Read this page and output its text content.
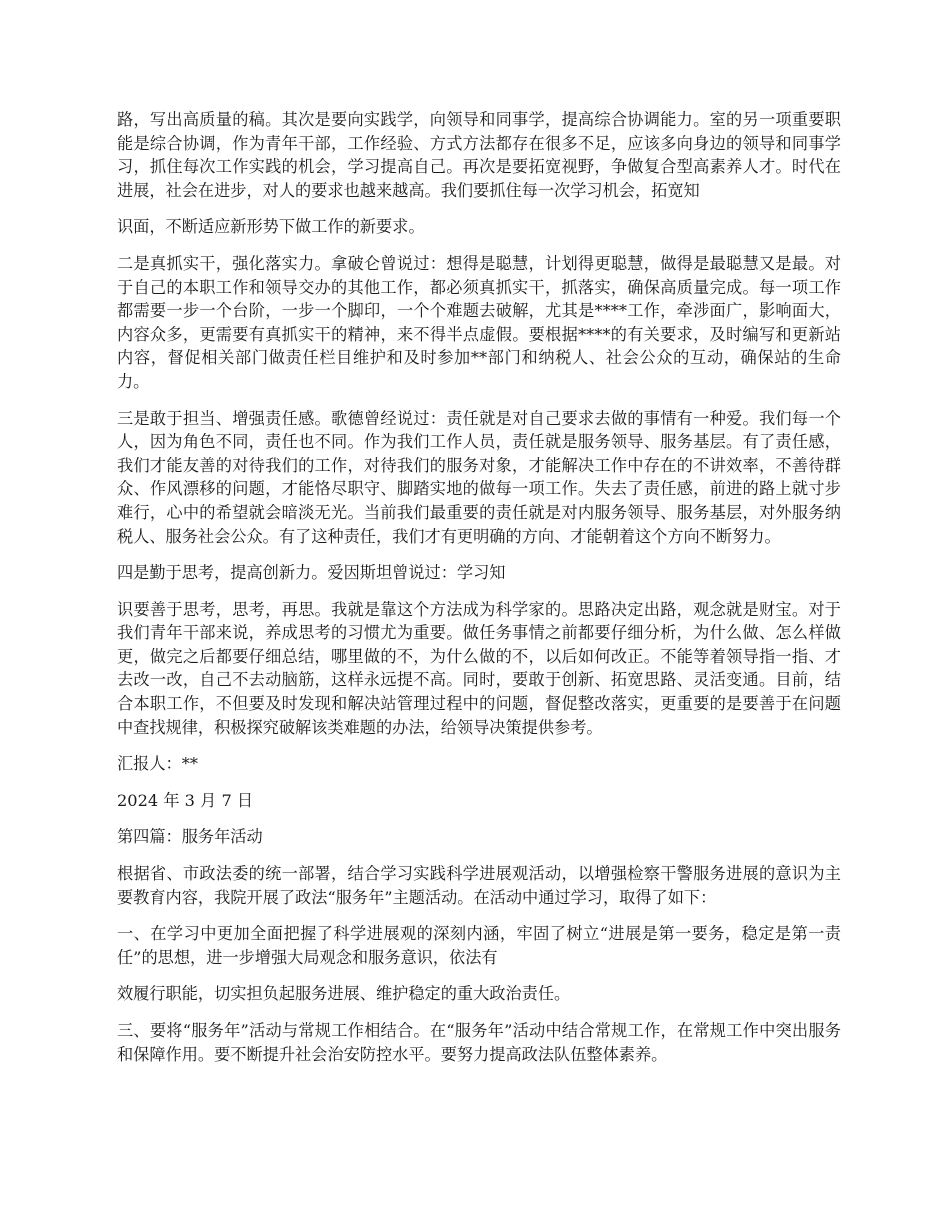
路，写出高质量的稿。其次是要向实践学，向领导和同事学，提高综合协调能力。室的另一项重要职能是综合协调，作为青年干部，工作经验、方式方法都存在很多不足，应该多向身边的领导和同事学习，抓住每次工作实践的机会，学习提高自己。再次是要拓宽视野，争做复合型高素养人才。时代在进展，社会在进步，对人的要求也越来越高。我们要抓住每一次学习机会，拓宽知

识面，不断适应新形势下做工作的新要求。

二是真抓实干，强化落实力。拿破仑曾说过：想得是聪慧，计划得更聪慧，做得是最聪慧又是最。对于自己的本职工作和领导交办的其他工作，都必须真抓实干，抓落实，确保高质量完成。每一项工作都需要一步一个台阶，一步一个脚印，一个个难题去破解，尤其是****工作，牵涉面广，影响面大，内容众多，更需要有真抓实干的精神，来不得半点虚假。要根据****的有关要求，及时编写和更新站内容，督促相关部门做责任栏目维护和及时参加**部门和纳税人、社会公众的互动，确保站的生命力。

三是敢于担当、增强责任感。歌德曾经说过：责任就是对自己要求去做的事情有一种爱。我们每一个人，因为角色不同，责任也不同。作为我们工作人员，责任就是服务领导、服务基层。有了责任感，我们才能友善的对待我们的工作，对待我们的服务对象，才能解决工作中存在的不讲效率，不善待群众、作风漂移的问题，才能恪尽职守、脚踏实地的做每一项工作。失去了责任感，前进的路上就寸步难行，心中的希望就会暗淡无光。当前我们最重要的责任就是对内服务领导、服务基层，对外服务纳税人、服务社会公众。有了这种责任，我们才有更明确的方向、才能朝着这个方向不断努力。

四是勤于思考，提高创新力。爱因斯坦曾说过：学习知

识要善于思考，思考，再思。我就是靠这个方法成为科学家的。思路决定出路，观念就是财宝。对于我们青年干部来说，养成思考的习惯尤为重要。做任务事情之前都要仔细分析，为什么做、怎么样做更，做完之后都要仔细总结，哪里做的不，为什么做的不，以后如何改正。不能等着领导指一指、才去改一改，自己不去动脑筋，这样永远提不高。同时，要敢于创新、拓宽思路、灵活变通。目前，结合本职工作，不但要及时发现和解决站管理过程中的问题，督促整改落实，更重要的是要善于在问题中查找规律，积极探究破解该类难题的办法，给领导决策提供参考。

汇报人：**

2024 年 3 月 7 日

第四篇：服务年活动

根据省、市政法委的统一部署，结合学习实践科学进展观活动，以增强检察干警服务进展的意识为主要教育内容，我院开展了政法“服务年”主题活动。在活动中通过学习，取得了如下：

一、在学习中更加全面把握了科学进展观的深刻内涵，牢固了树立“进展是第一要务，稳定是第一责任”的思想，进一步增强大局观念和服务意识，依法有

效履行职能，切实担负起服务进展、维护稳定的重大政治责任。

三、要将“服务年”活动与常规工作相结合。在“服务年”活动中结合常规工作，在常规工作中突出服务和保障作用。要不断提升社会治安防控水平。要努力提高政法队伍整体素养。
